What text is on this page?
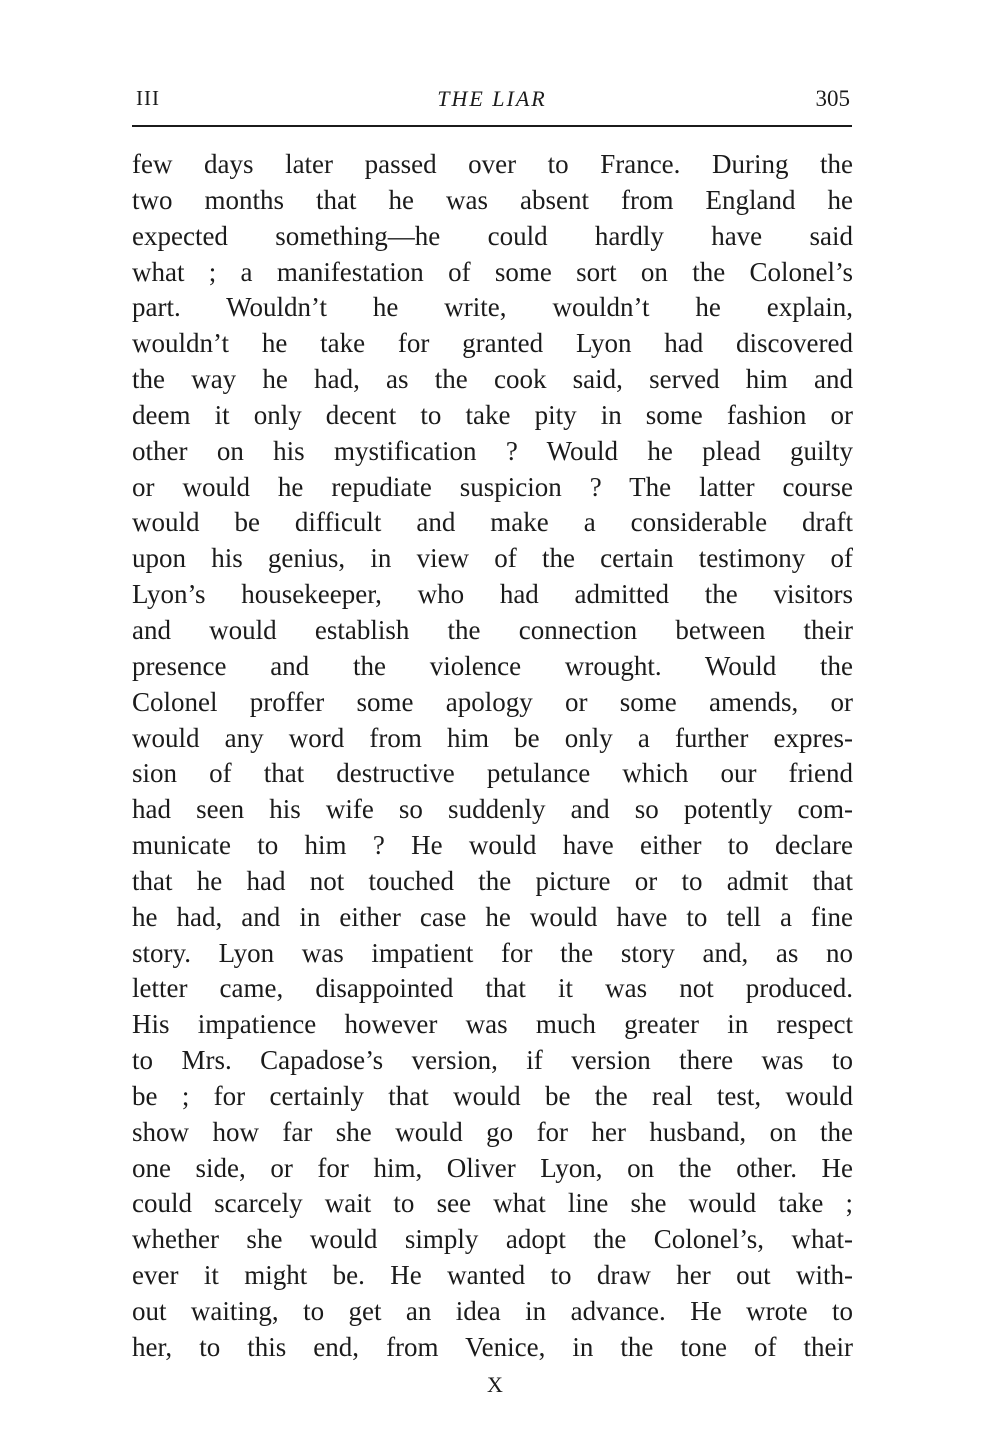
III	THE LIAR	305
few days later passed over to France. During the
two months that he was absent from England he
expected something—he could hardly have said
what ; a manifestation of some sort on the Colonel’s
part. Wouldn’t he write, wouldn’t he explain,
wouldn’t he take for granted Lyon had discovered
the way he had, as the cook said, served him and
deem it only decent to take pity in some fashion or
other on his mystification ? Would he plead guilty
or would he repudiate suspicion ? The latter course
would be difficult and make a considerable draft
upon his genius, in view of the certain testimony of
Lyon’s housekeeper, who had admitted the visitors
and would establish the connection between their
presence and the violence wrought. Would the
Colonel proffer some apology or some amends, or
would any word from him be only a further expres-
sion of that destructive petulance which our friend
had seen his wife so suddenly and so potently com-
municate to him ? He would have either to declare
that he had not touched the picture or to admit that
he had, and in either case he would have to tell a fine
story. Lyon was impatient for the story and, as no
letter came, disappointed that it was not produced.
His impatience however was much greater in respect
to Mrs. Capadose’s version, if version there was to
be ; for certainly that would be the real test, would
show how far she would go for her husband, on the
one side, or for him, Oliver Lyon, on the other. He
could scarcely wait to see what line she would take ;
whether she would simply adopt the Colonel’s, what-
ever it might be. He wanted to draw her out with-
out waiting, to get an idea in advance. He wrote to
her, to this end, from Venice, in the tone of their
X
